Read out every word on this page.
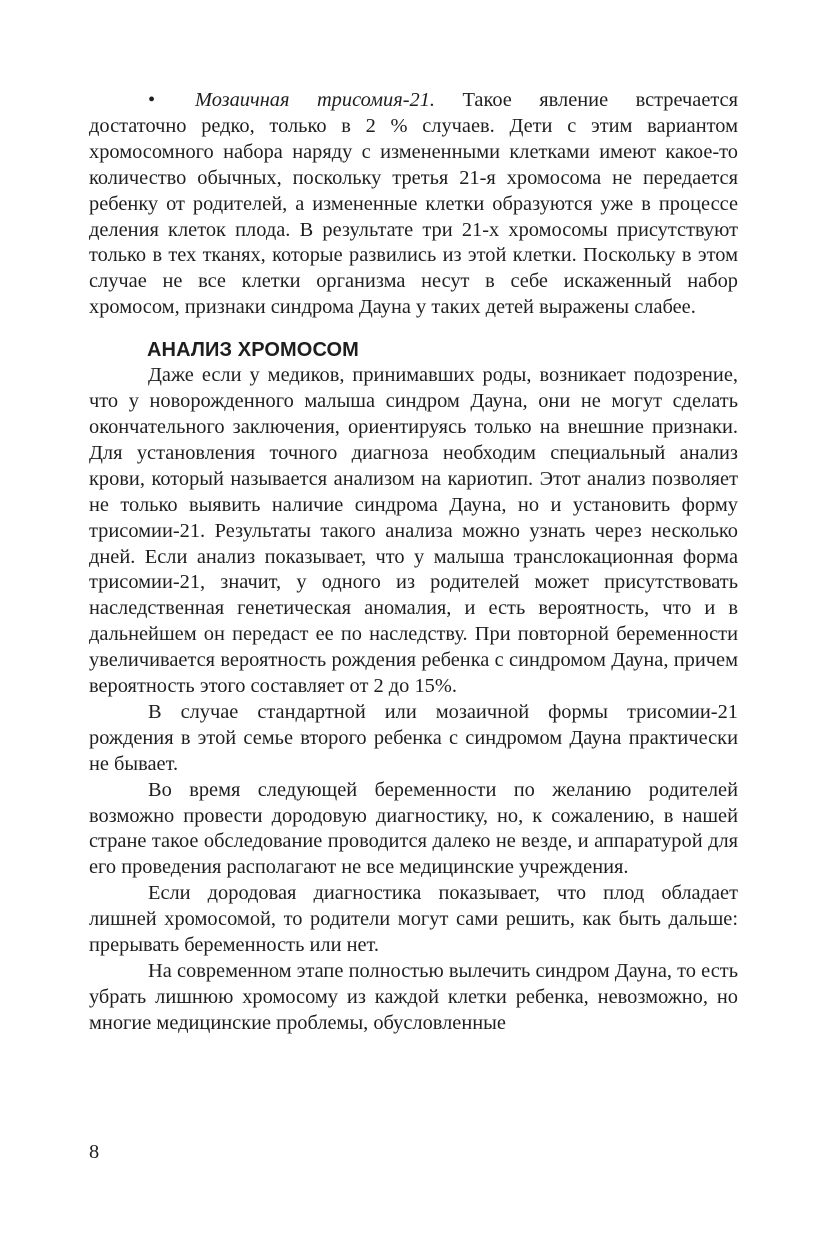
• Мозаичная трисомия-21. Такое явление встречается достаточно редко, только в 2 % случаев. Дети с этим вариантом хромосомного набора наряду с измененными клетками имеют какое-то количество обычных, поскольку третья 21-я хромосома не передается ребенку от родителей, а измененные клетки образуются уже в процессе деления клеток плода. В результате три 21-х хромосомы присутствуют только в тех тканях, которые развились из этой клетки. Поскольку в этом случае не все клетки организма несут в себе искаженный набор хромосом, признаки синдрома Дауна у таких детей выражены слабее.

АНАЛИЗ ХРОМОСОМ

Даже если у медиков, принимавших роды, возникает подозрение, что у новорожденного малыша синдром Дауна, они не могут сделать окончательного заключения, ориентируясь только на внешние признаки. Для установления точного диагноза необходим специальный анализ крови, который называется анализом на кариотип. Этот анализ позволяет не только выявить наличие синдрома Дауна, но и установить форму трисомии-21. Результаты такого анализа можно узнать через несколько дней. Если анализ показывает, что у малыша транслокационная форма трисомии-21, значит, у одного из родителей может присутствовать наследственная генетическая аномалия, и есть вероятность, что и в дальнейшем он передаст ее по наследству. При повторной беременности увеличивается вероятность рождения ребенка с синдромом Дауна, причем вероятность этого составляет от 2 до 15%.

В случае стандартной или мозаичной формы трисомии-21 рождения в этой семье второго ребенка с синдромом Дауна практически не бывает.

Во время следующей беременности по желанию родителей возможно провести дородовую диагностику, но, к сожалению, в нашей стране такое обследование проводится далеко не везде, и аппаратурой для его проведения располагают не все медицинские учреждения.

Если дородовая диагностика показывает, что плод обладает лишней хромосомой, то родители могут сами решить, как быть дальше: прерывать беременность или нет.

На современном этапе полностью вылечить синдром Дауна, то есть убрать лишнюю хромосому из каждой клетки ребенка, невозможно, но многие медицинские проблемы, обусловленные

8
